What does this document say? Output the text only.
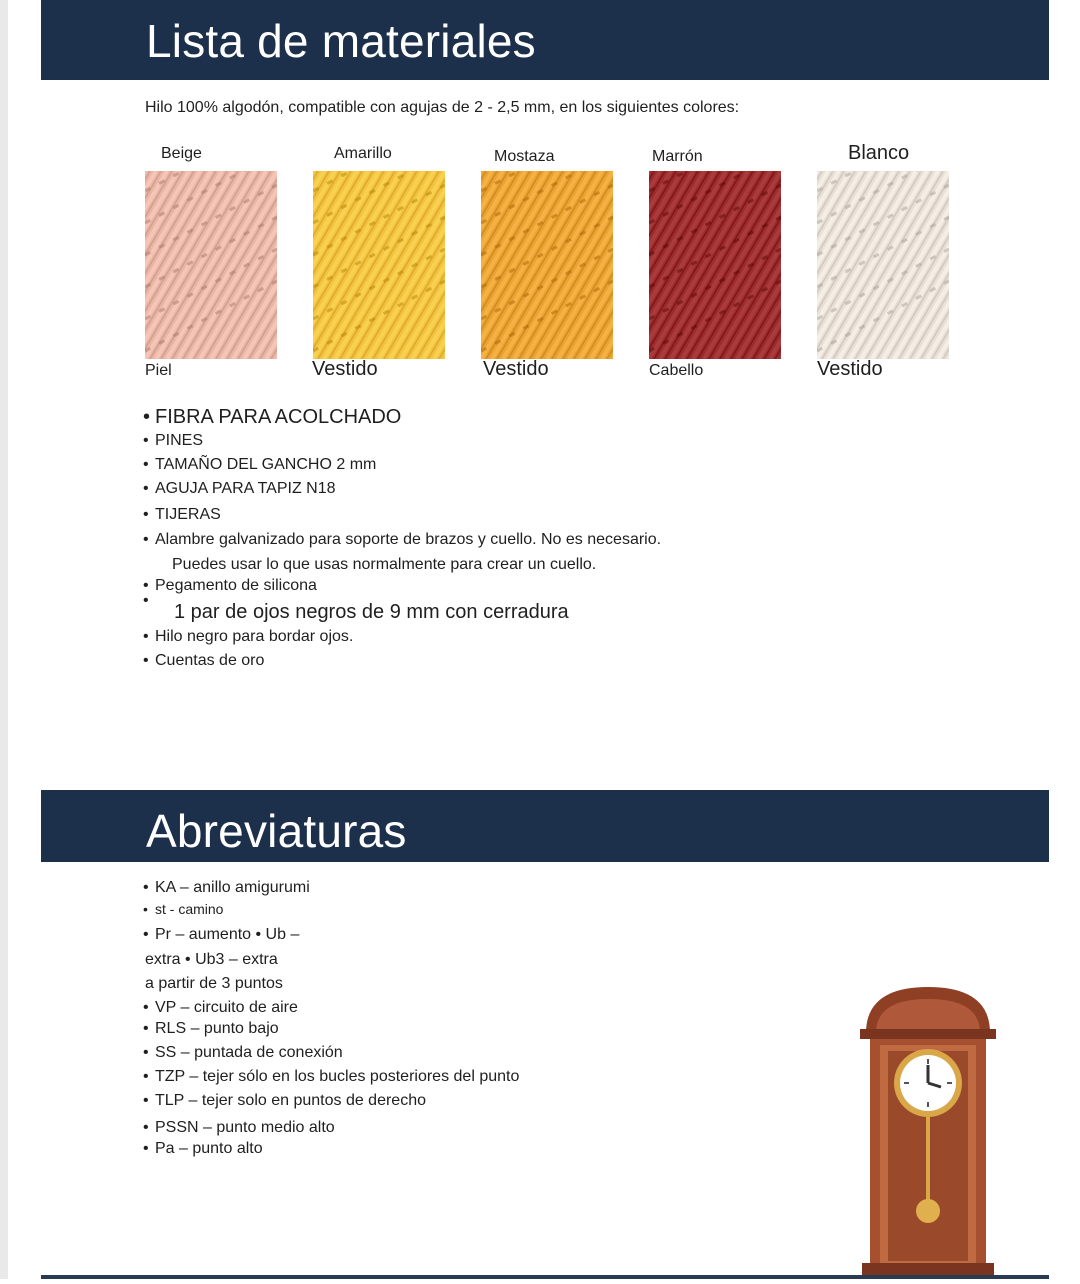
Lista de materiales
Hilo 100% algodón, compatible con agujas de 2 - 2,5 mm, en los siguientes colores:
Beige	Amarillo	Mostaza	Marrón	Blanco
Piel	Vestido	Vestido	Cabello	Vestido
• FIBRA PARA ACOLCHADO
• PINES
• TAMAÑO DEL GANCHO 2 mm
• AGUJA PARA TAPIZ N18
• TIJERAS
• Alambre galvanizado para soporte de brazos y cuello. No es necesario.
Puedes usar lo que usas normalmente para crear un cuello.
• Pegamento de silicona
•
1 par de ojos negros de 9 mm con cerradura
• Hilo negro para bordar ojos.
• Cuentas de oro
Abreviaturas
• KA – anillo amigurumi
• st - camino
• Pr – aumento • Ub –
extra • Ub3 – extra
a partir de 3 puntos
• VP – circuito de aire
• RLS – punto bajo
• SS – puntada de conexión
• TZP – tejer sólo en los bucles posteriores del punto
• TLP – tejer solo en puntos de derecho
• PSSN – punto medio alto
• Pa – punto alto
